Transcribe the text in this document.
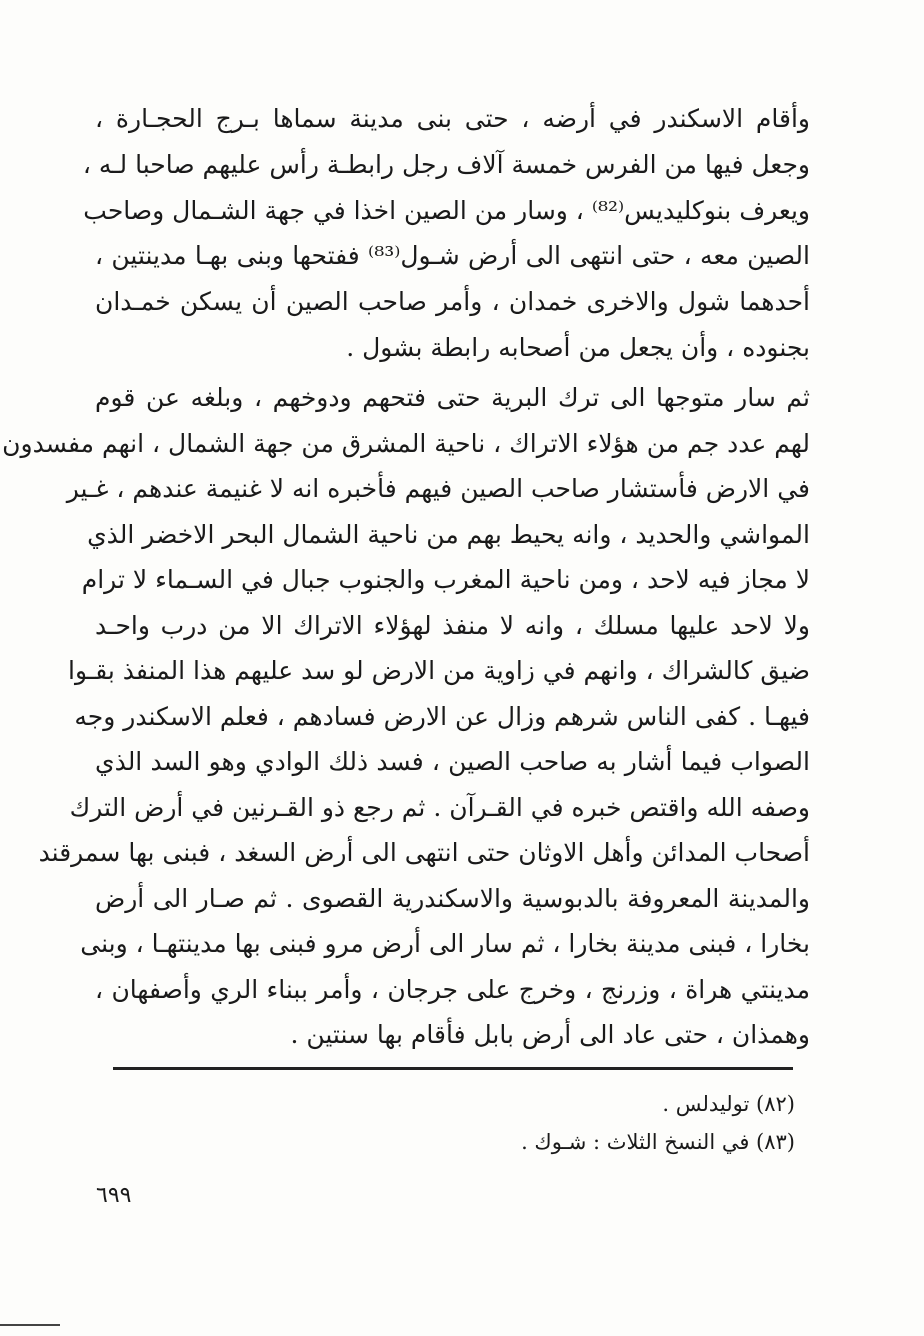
وأقام الاسكندر في أرضه ، حتى بنى مدينة سماها بـرج الحجـارة ،
وجعل فيها من الفرس خمسة آلاف رجل رابطـة رأس عليهم صاحبا لـه ،
ويعرف بنوكليديس⁽⁸²⁾ ، وسار من الصين اخذا في جهة الشـمال وصاحب
الصين معه ، حتى انتهى الى أرض شـول⁽⁸³⁾ ففتحها وبنى بهـا مدينتين ،
أحدهما شول والاخرى خمدان ، وأمر صاحب الصين أن يسكن خمـدان
بجنوده ، وأن يجعل من أصحابه رابطة بشول .
ثم سار متوجها الى ترك البرية حتى فتحهم ودوخهم ، وبلغه عن قوم
لهم عدد جم من هؤلاء الاتراك ، ناحية المشرق من جهة الشمال ، انهم مفسدون
في الارض فأستشار صاحب الصين فيهم فأخبره انه لا غنيمة عندهم ، غـير
المواشي والحديد ، وانه يحيط بهم من ناحية الشمال البحر الاخضر الذي
لا مجاز فيه لاحد ، ومن ناحية المغرب والجنوب جبال في السـماء لا ترام
ولا لاحد عليها مسلك ، وانه لا منفذ لهؤلاء الاتراك الا من درب واحـد
ضيق كالشراك ، وانهم في زاوية من الارض لو سد عليهم هذا المنفذ بقـوا
فيهـا . كفى الناس شرهم وزال عن الارض فسادهم ، فعلم الاسكندر وجه
الصواب فيما أشار به صاحب الصين ، فسد ذلك الوادي وهو السد الذي
وصفه الله واقتص خبره في القـرآن . ثم رجع ذو القـرنين في أرض الترك
أصحاب المدائن وأهل الاوثان حتى انتهى الى أرض السغد ، فبنى بها سمرقند
والمدينة المعروفة بالدبوسية والاسكندرية القصوى . ثم صـار الى أرض
بخارا ، فبنى مدينة بخارا ، ثم سار الى أرض مرو فبنى بها مدينتهـا ، وبنى
مدينتي هراة ، وزرنج ، وخرج على جرجان ، وأمر ببناء الري وأصفهان ،
وهمذان ، حتى عاد الى أرض بابل فأقام بها سنتين .
(٨٢) توليدلس .
(٨٣) في النسخ الثلاث : شـوك .
٦٩٩
